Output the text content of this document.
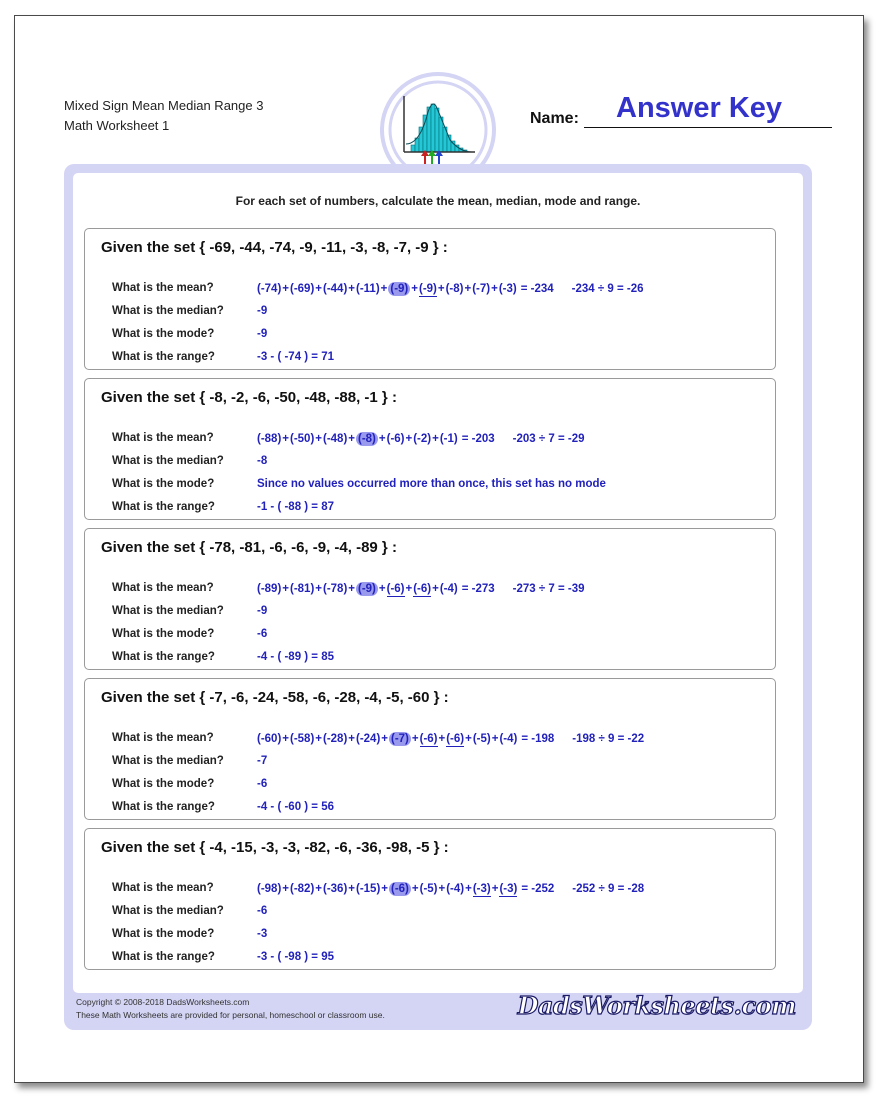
Mixed Sign Mean Median Range 3
Math Worksheet 1	Name: Answer Key
For each set of numbers, calculate the mean, median, mode and range.
Given the set { -69, -44, -74, -9, -11, -3, -8, -7, -9 } :
What is the mean?	(-74)+(-69)+(-44)+(-11)+ (-9) +(-9)+(-8)+(-7)+(-3) = -234 -234 ÷ 9 = -26
What is the median?	-9
What is the mode?	-9
What is the range?	-3 - ( -74 ) = 71
Given the set { -8, -2, -6, -50, -48, -88, -1 } :
What is the mean?	(-88)+(-50)+(-48)+ (-8) +(-6)+(-2)+(-1) = -203 -203 ÷ 7 = -29
What is the median?	-8
What is the mode?	Since no values occurred more than once, this set has no mode
What is the range?	-1 - ( -88 ) = 87
Given the set { -78, -81, -6, -6, -9, -4, -89 } :
What is the mean?	(-89)+(-81)+(-78)+ (-9) +(-6)+(-6)+(-4) = -273 -273 ÷ 7 = -39
What is the median?	-9
What is the mode?	-6
What is the range?	-4 - ( -89 ) = 85
Given the set { -7, -6, -24, -58, -6, -28, -4, -5, -60 } :
What is the mean?	(-60)+(-58)+(-28)+(-24)+ (-7) +(-6)+(-6)+(-5)+(-4) = -198 -198 ÷ 9 = -22
What is the median?	-7
What is the mode?	-6
What is the range?	-4 - ( -60 ) = 56
Given the set { -4, -15, -3, -3, -82, -6, -36, -98, -5 } :
What is the mean?	(-98)+(-82)+(-36)+(-15)+ (-6) +(-5)+(-4)+(-3)+(-3) = -252 -252 ÷ 9 = -28
What is the median?	-6
What is the mode?	-3
What is the range?	-3 - ( -98 ) = 95
Copyright © 2008-2018 DadsWorksheets.com
These Math Worksheets are provided for personal, homeschool or classroom use.	DadsWorksheets.com
